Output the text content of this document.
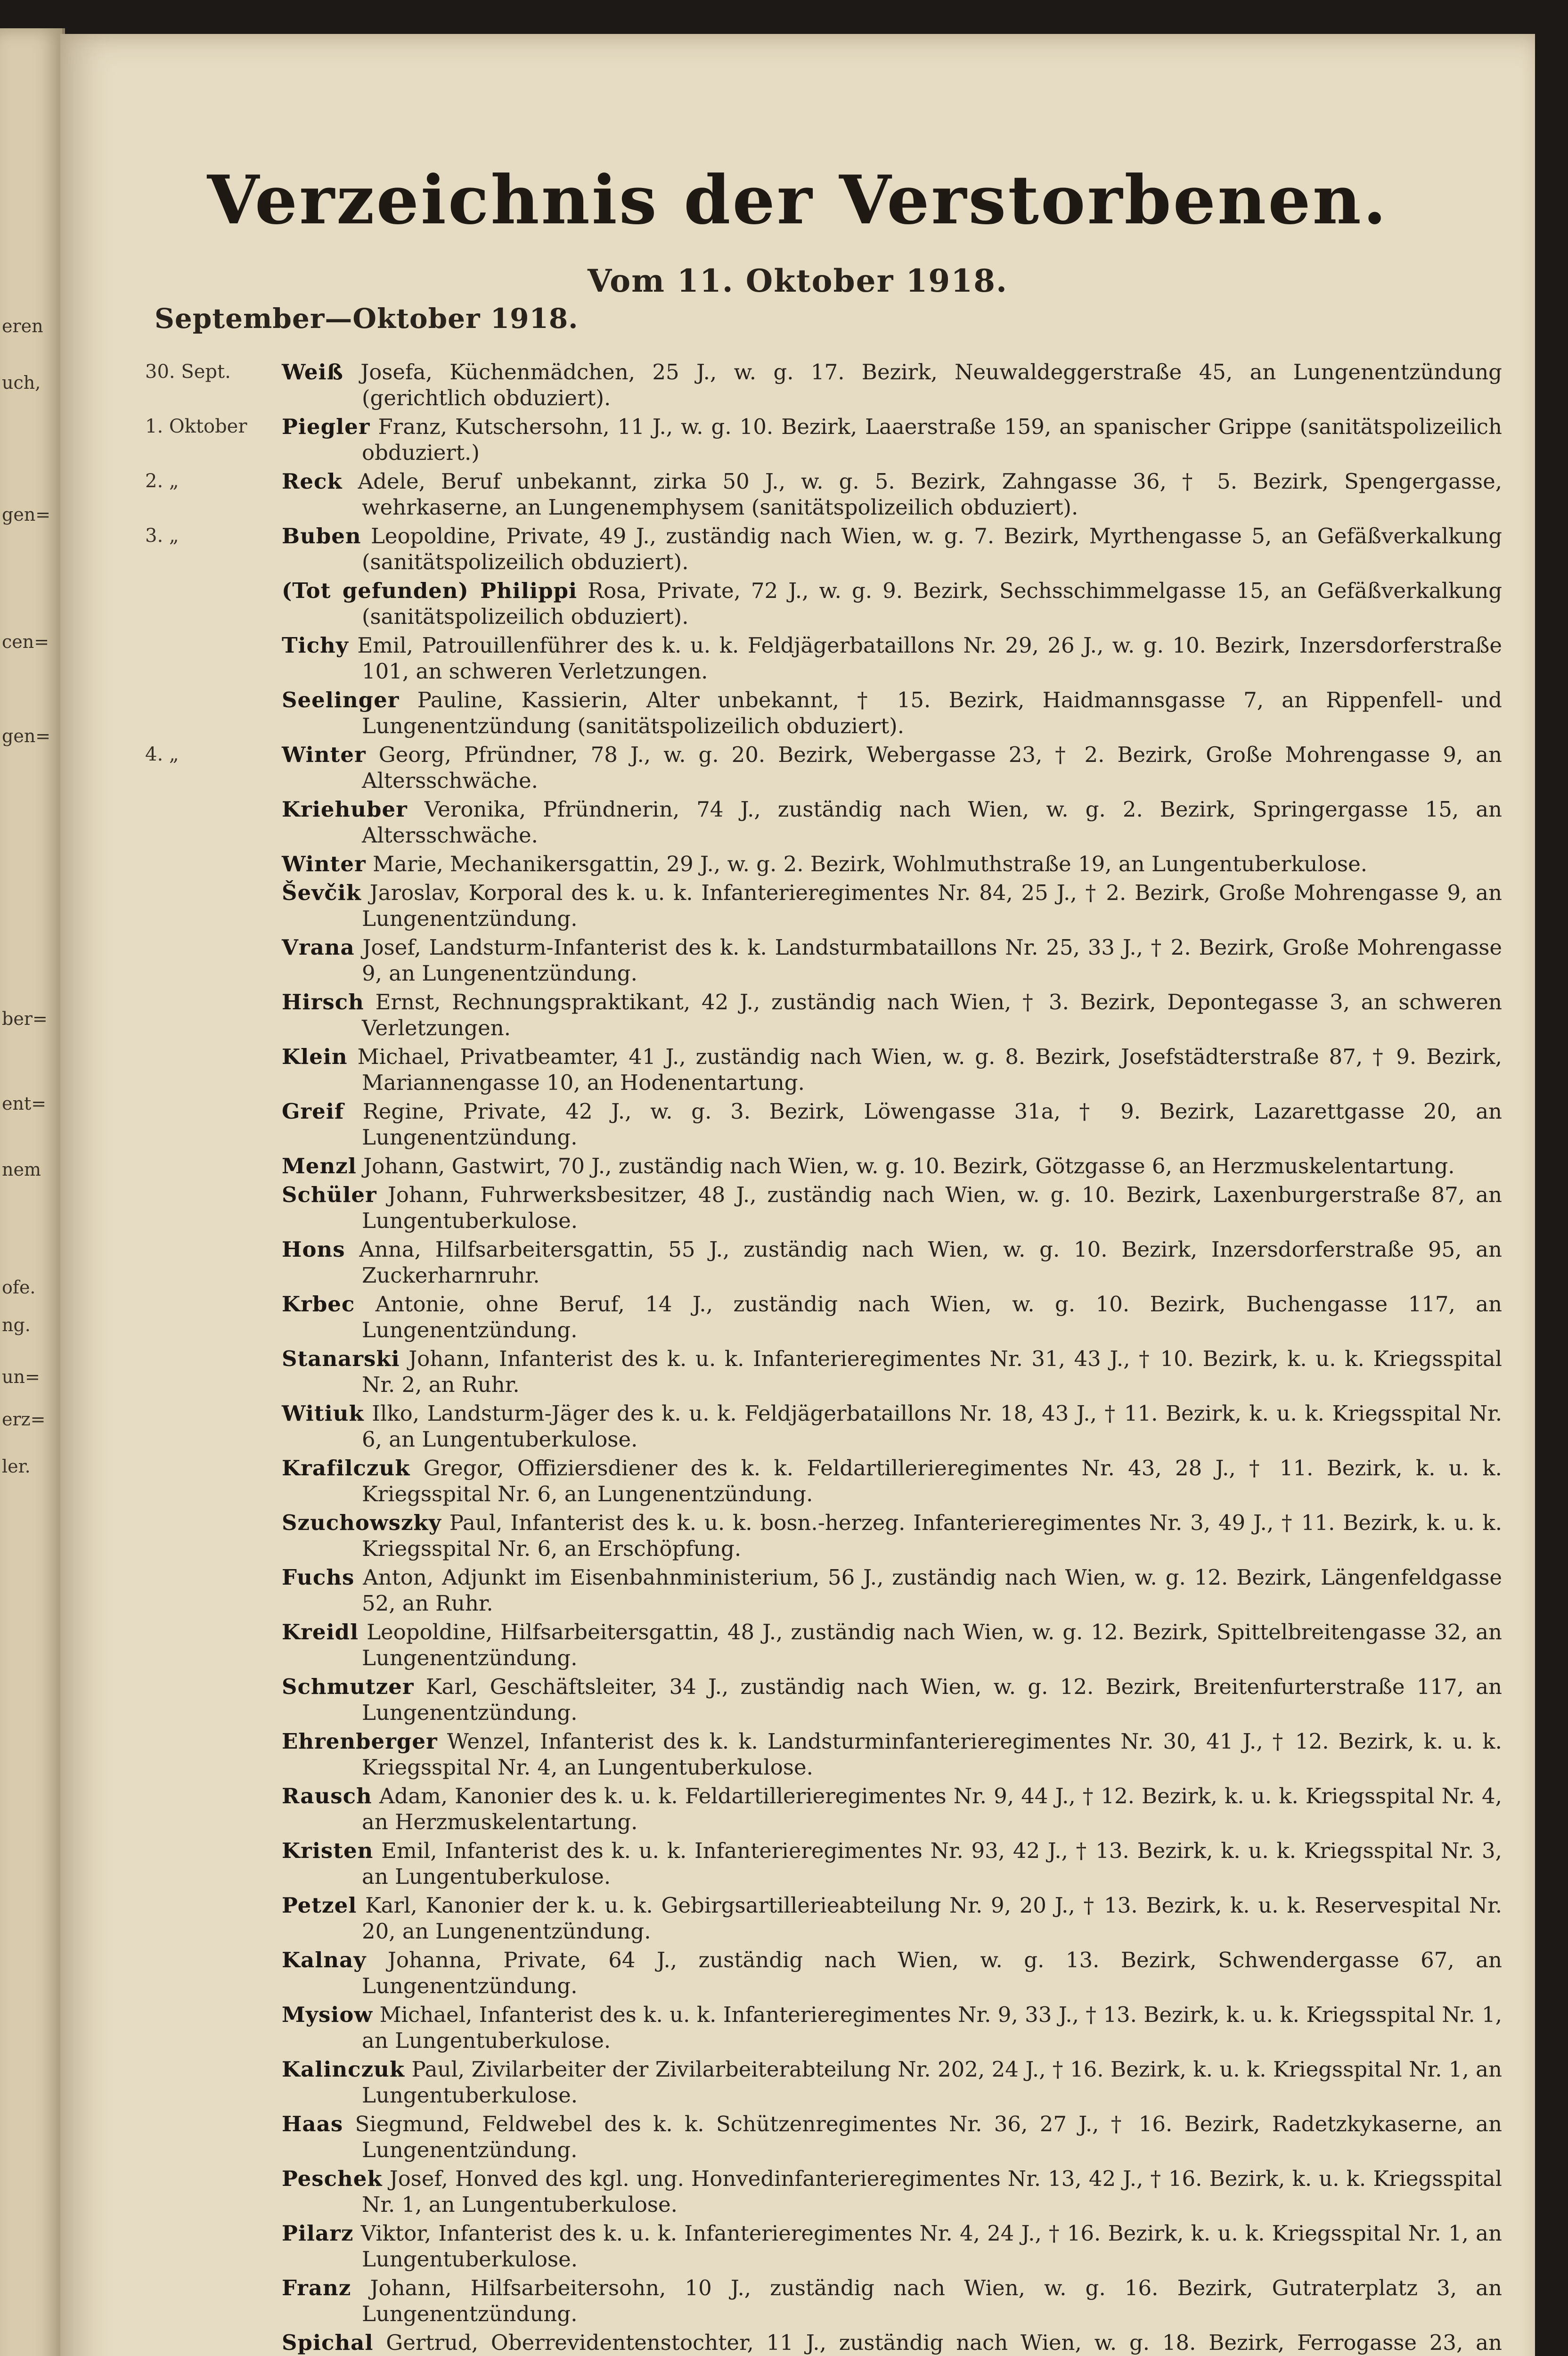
eren
uch,
gen=
cen=
gen=
ber=
ent=
nem
ofe.
ng.
un=
erz=
ler.
Verzeichnis der Verstorbenen.
Vom 11. Oktober 1918.
September—Oktober 1918.
30. Sept.	Weiß Josefa, Küchenmädchen, 25 J., w. g. 17. Bezirk, Neuwaldeggerstraße 45, an Lungenentzündung (gerichtlich obduziert).
1. Oktober	Piegler Franz, Kutschersohn, 11 J., w. g. 10. Bezirk, Laaerstraße 159, an spanischer Grippe (sanitätspolizeilich obduziert.)
2. „	Reck Adele, Beruf unbekannt, zirka 50 J., w. g. 5. Bezirk, Zahngasse 36, † 5. Bezirk, Spengergasse, wehrkaserne, an Lungenemphysem (sanitätspolizeilich obduziert).
3. „	Buben Leopoldine, Private, 49 J., zuständig nach Wien, w. g. 7. Bezirk, Myrthengasse 5, an Gefäßverkalkung (sanitätspolizeilich obduziert).
(Tot gefunden) Philippi Rosa, Private, 72 J., w. g. 9. Bezirk, Sechsschimmelgasse 15, an Gefäßverkalkung (sanitätspolizeilich obduziert).
Tichy Emil, Patrouillenführer des k. u. k. Feldjägerbataillons Nr. 29, 26 J., w. g. 10. Bezirk, Inzersdorferstraße 101, an schweren Verletzungen.
Seelinger Pauline, Kassierin, Alter unbekannt, † 15. Bezirk, Haidmannsgasse 7, an Rippenfell- und Lungenentzündung (sanitätspolizeilich obduziert).
4. „	Winter Georg, Pfründner, 78 J., w. g. 20. Bezirk, Webergasse 23, † 2. Bezirk, Große Mohrengasse 9, an Altersschwäche.
Kriehuber Veronika, Pfründnerin, 74 J., zuständig nach Wien, w. g. 2. Bezirk, Springergasse 15, an Altersschwäche.
Winter Marie, Mechanikersgattin, 29 J., w. g. 2. Bezirk, Wohlmuthstraße 19, an Lungentuberkulose.
Ševčik Jaroslav, Korporal des k. u. k. Infanterieregimentes Nr. 84, 25 J., † 2. Bezirk, Große Mohrengasse 9, an Lungenentzündung.
Vrana Josef, Landsturm-Infanterist des k. k. Landsturmbataillons Nr. 25, 33 J., † 2. Bezirk, Große Mohrengasse 9, an Lungenentzündung.
Hirsch Ernst, Rechnungspraktikant, 42 J., zuständig nach Wien, † 3. Bezirk, Depontegasse 3, an schweren Verletzungen.
Klein Michael, Privatbeamter, 41 J., zuständig nach Wien, w. g. 8. Bezirk, Josefstädterstraße 87, † 9. Bezirk, Mariannengasse 10, an Hodenentartung.
Greif Regine, Private, 42 J., w. g. 3. Bezirk, Löwengasse 31a, † 9. Bezirk, Lazarettgasse 20, an Lungenentzündung.
Menzl Johann, Gastwirt, 70 J., zuständig nach Wien, w. g. 10. Bezirk, Götzgasse 6, an Herzmuskelentartung.
Schüler Johann, Fuhrwerksbesitzer, 48 J., zuständig nach Wien, w. g. 10. Bezirk, Laxenburgerstraße 87, an Lungentuberkulose.
Hons Anna, Hilfsarbeitersgattin, 55 J., zuständig nach Wien, w. g. 10. Bezirk, Inzersdorferstraße 95, an Zuckerharnruhr.
Krbec Antonie, ohne Beruf, 14 J., zuständig nach Wien, w. g. 10. Bezirk, Buchengasse 117, an Lungenentzündung.
Stanarski Johann, Infanterist des k. u. k. Infanterieregimentes Nr. 31, 43 J., † 10. Bezirk, k. u. k. Kriegsspital Nr. 2, an Ruhr.
Witiuk Ilko, Landsturm-Jäger des k. u. k. Feldjägerbataillons Nr. 18, 43 J., † 11. Bezirk, k. u. k. Kriegsspital Nr. 6, an Lungentuberkulose.
Krafilczuk Gregor, Offiziersdiener des k. k. Feldartillerieregimentes Nr. 43, 28 J., † 11. Bezirk, k. u. k. Kriegsspital Nr. 6, an Lungenentzündung.
Szuchowszky Paul, Infanterist des k. u. k. bosn.-herzeg. Infanterieregimentes Nr. 3, 49 J., † 11. Bezirk, k. u. k. Kriegsspital Nr. 6, an Erschöpfung.
Fuchs Anton, Adjunkt im Eisenbahnministerium, 56 J., zuständig nach Wien, w. g. 12. Bezirk, Längenfeldgasse 52, an Ruhr.
Kreidl Leopoldine, Hilfsarbeitersgattin, 48 J., zuständig nach Wien, w. g. 12. Bezirk, Spittelbreitengasse 32, an Lungenentzündung.
Schmutzer Karl, Geschäftsleiter, 34 J., zuständig nach Wien, w. g. 12. Bezirk, Breitenfurterstraße 117, an Lungenentzündung.
Ehrenberger Wenzel, Infanterist des k. k. Landsturminfanterieregimentes Nr. 30, 41 J., † 12. Bezirk, k. u. k. Kriegsspital Nr. 4, an Lungentuberkulose.
Rausch Adam, Kanonier des k. u. k. Feldartillerieregimentes Nr. 9, 44 J., † 12. Bezirk, k. u. k. Kriegsspital Nr. 4, an Herzmuskelentartung.
Kristen Emil, Infanterist des k. u. k. Infanterieregimentes Nr. 93, 42 J., † 13. Bezirk, k. u. k. Kriegsspital Nr. 3, an Lungentuberkulose.
Petzel Karl, Kanonier der k. u. k. Gebirgsartillerieabteilung Nr. 9, 20 J., † 13. Bezirk, k. u. k. Reservespital Nr. 20, an Lungenentzündung.
Kalnay Johanna, Private, 64 J., zuständig nach Wien, w. g. 13. Bezirk, Schwendergasse 67, an Lungenentzündung.
Mysiow Michael, Infanterist des k. u. k. Infanterieregimentes Nr. 9, 33 J., † 13. Bezirk, k. u. k. Kriegsspital Nr. 1, an Lungentuberkulose.
Kalinczuk Paul, Zivilarbeiter der Zivilarbeiterabteilung Nr. 202, 24 J., † 16. Bezirk, k. u. k. Kriegsspital Nr. 1, an Lungentuberkulose.
Haas Siegmund, Feldwebel des k. k. Schützenregimentes Nr. 36, 27 J., † 16. Bezirk, Radetzkykaserne, an Lungenentzündung.
Peschek Josef, Honved des kgl. ung. Honvedinfanterieregimentes Nr. 13, 42 J., † 16. Bezirk, k. u. k. Kriegsspital Nr. 1, an Lungentuberkulose.
Pilarz Viktor, Infanterist des k. u. k. Infanterieregimentes Nr. 4, 24 J., † 16. Bezirk, k. u. k. Kriegsspital Nr. 1, an Lungentuberkulose.
Franz Johann, Hilfsarbeitersohn, 10 J., zuständig nach Wien, w. g. 16. Bezirk, Gutraterplatz 3, an Lungenentzündung.
Spichal Gertrud, Oberrevidentenstochter, 11 J., zuständig nach Wien, w. g. 18. Bezirk, Ferrogasse 23, an
